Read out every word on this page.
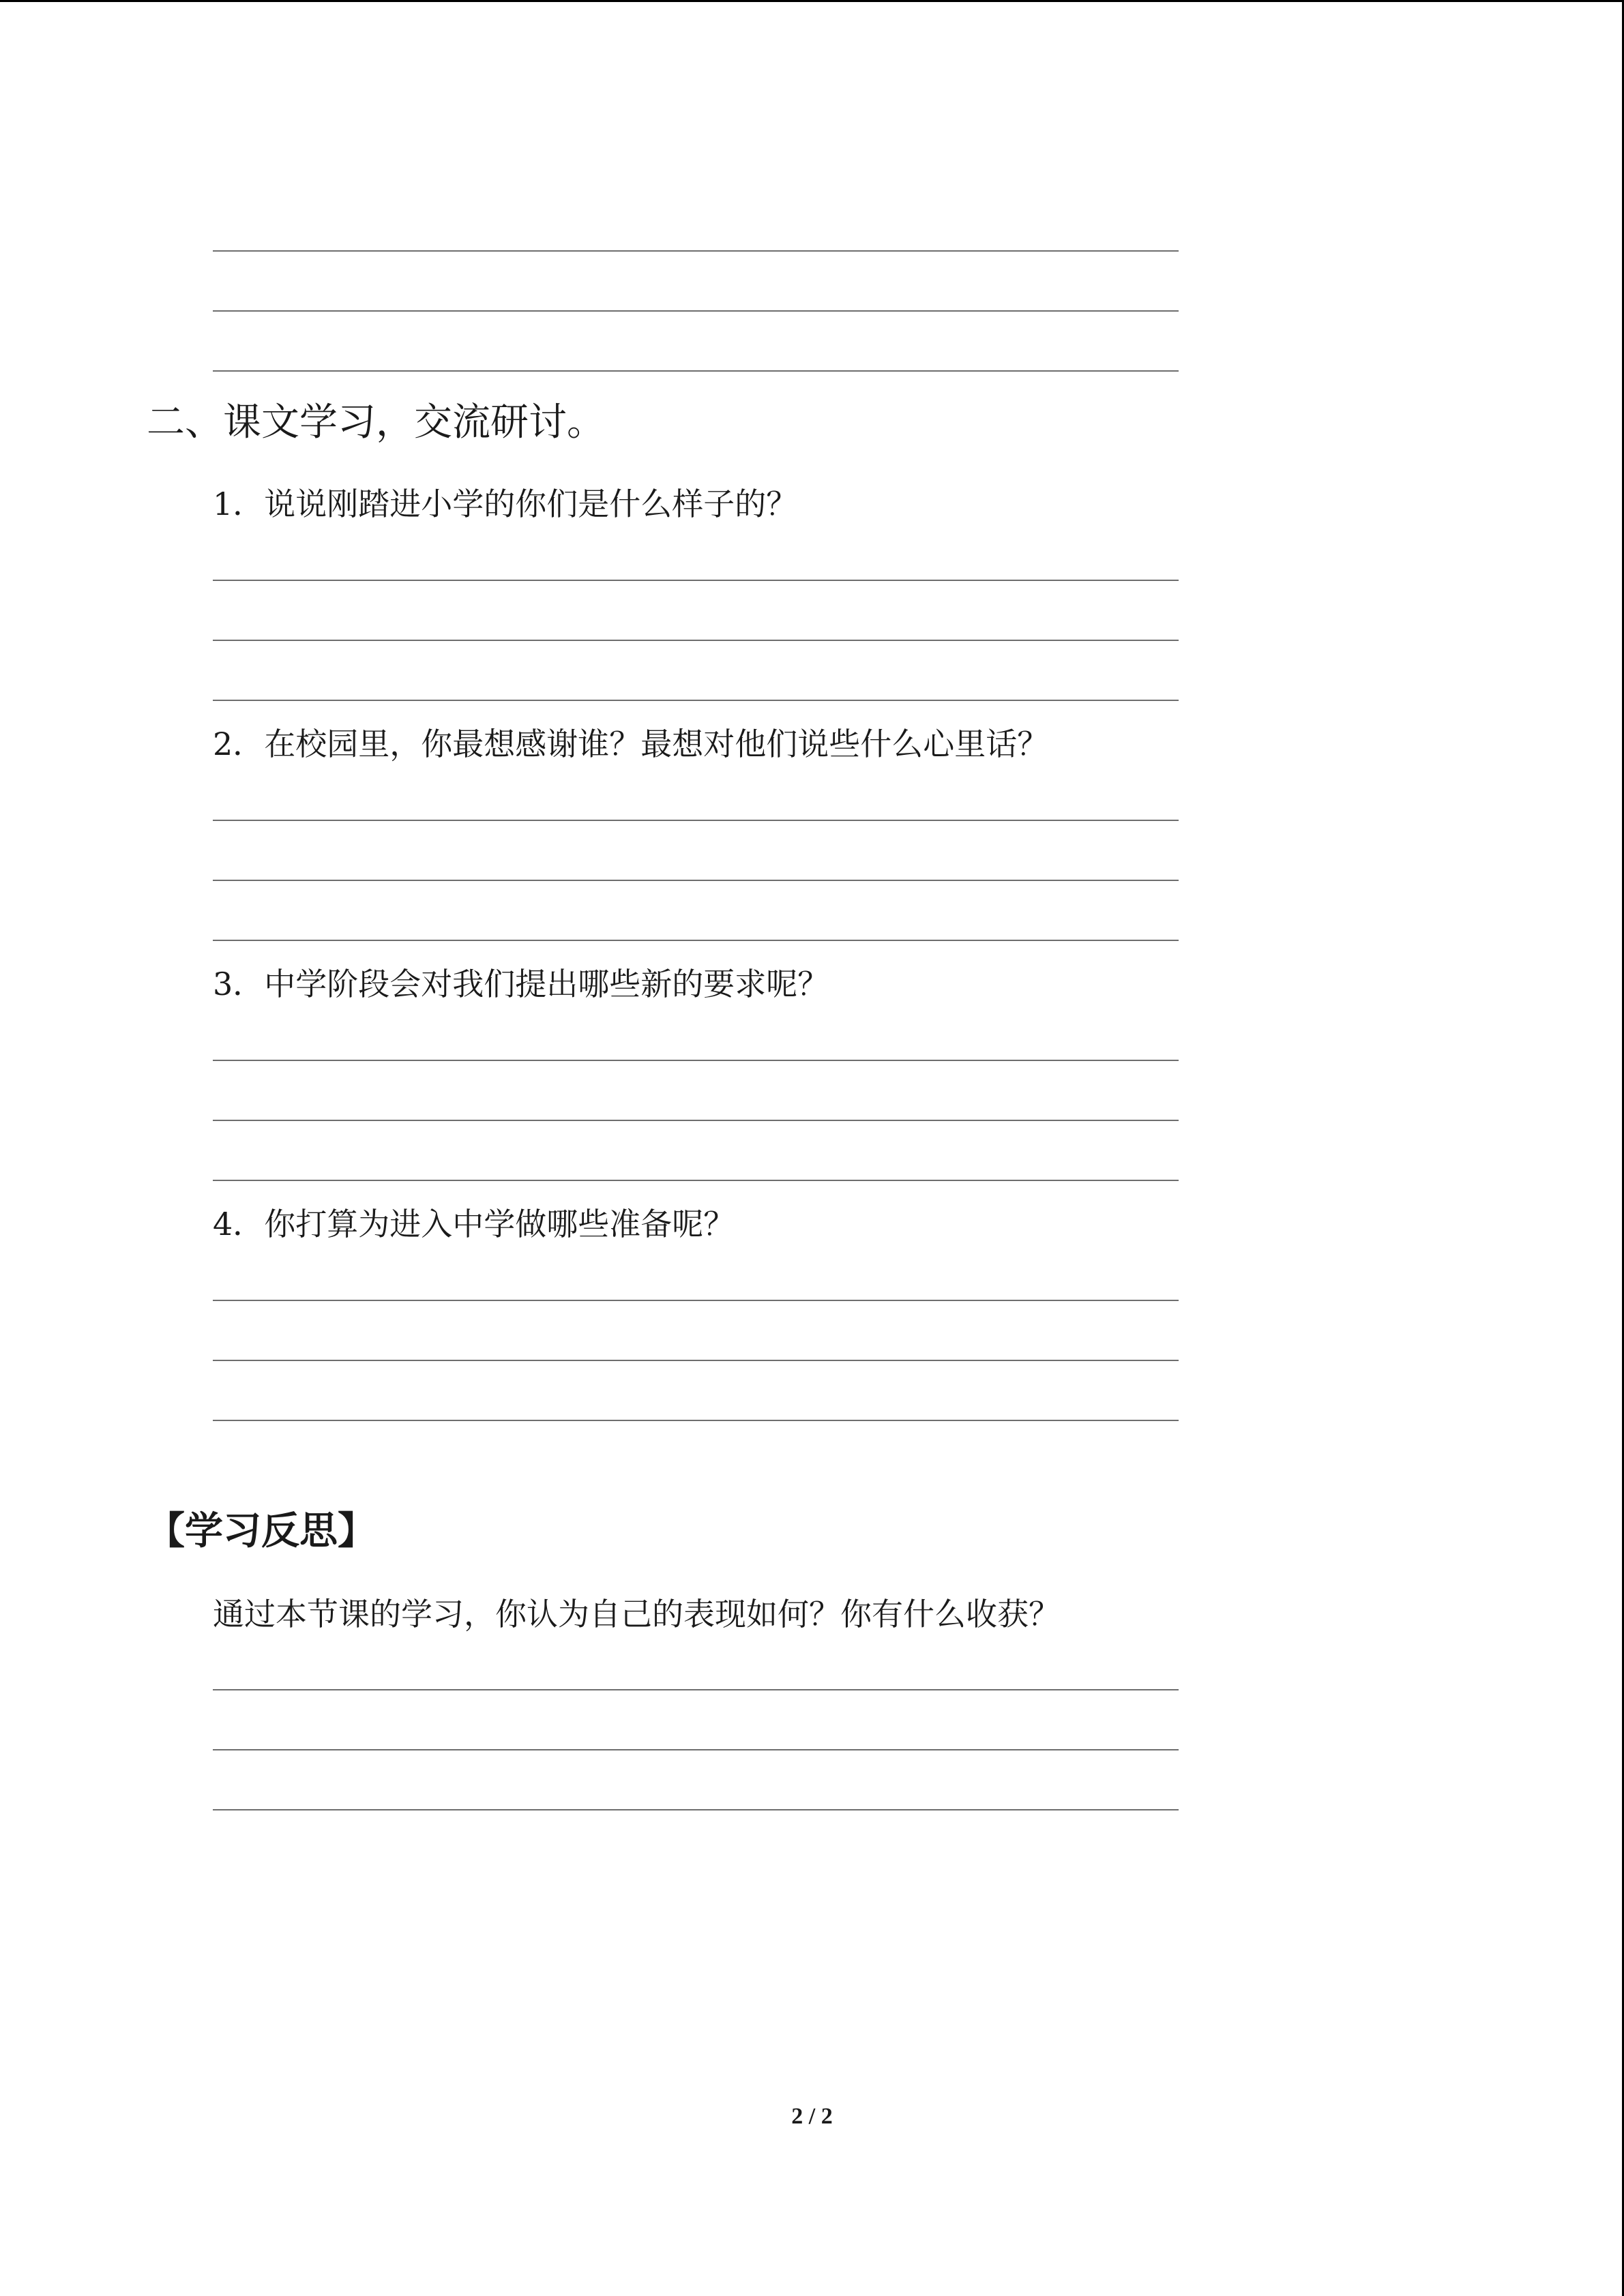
二、课文学习，交流研讨。
1．说说刚踏进小学的你们是什么样子的？
2．在校园里，你最想感谢谁？最想对他们说些什么心里话？
3．中学阶段会对我们提出哪些新的要求呢？
4．你打算为进入中学做哪些准备呢？
【学习反思】
通过本节课的学习，你认为自己的表现如何？你有什么收获？
2 / 2
